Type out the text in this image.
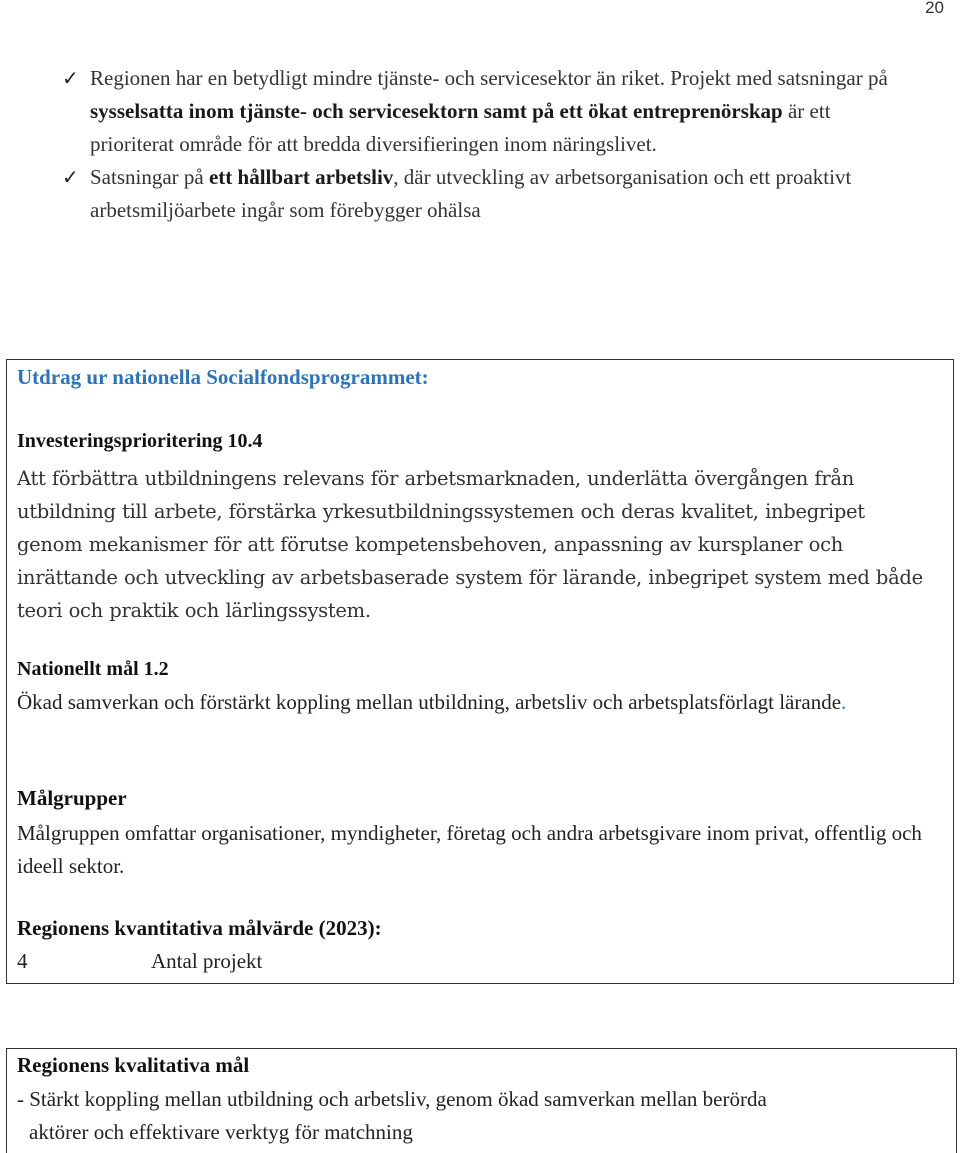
20
✓ Regionen har en betydligt mindre tjänste- och servicesektor än riket. Projekt med satsningar på sysselsatta inom tjänste- och servicesektorn samt på ett ökat entreprenörskap är ett prioriterat område för att bredda diversifieringen inom näringslivet.
✓ Satsningar på ett hållbart arbetsliv, där utveckling av arbetsorganisation och ett proaktivt arbetsmiljöarbete ingår som förebygger ohälsa
Utdrag ur nationella Socialfondsprogrammet:
Investeringsprioritering 10.4
Att förbättra utbildningens relevans för arbetsmarknaden, underlätta övergången från utbildning till arbete, förstärka yrkesutbildningssystemen och deras kvalitet, inbegripet genom mekanismer för att förutse kompetensbehoven, anpassning av kursplaner och inrättande och utveckling av arbetsbaserade system för lärande, inbegripet system med både teori och praktik och lärlingssystem.
Nationellt mål 1.2
Ökad samverkan och förstärkt koppling mellan utbildning, arbetsliv och arbetsplatsförlagt lärande.
Målgrupper
Målgruppen omfattar organisationer, myndigheter, företag och andra arbetsgivare inom privat, offentlig och ideell sektor.
Regionens kvantitativa målvärde (2023):
4	Antal projekt
Regionens kvalitativa mål
- Stärkt koppling mellan utbildning och arbetsliv, genom ökad samverkan mellan berörda
aktörer och effektivare verktyg för matchning
